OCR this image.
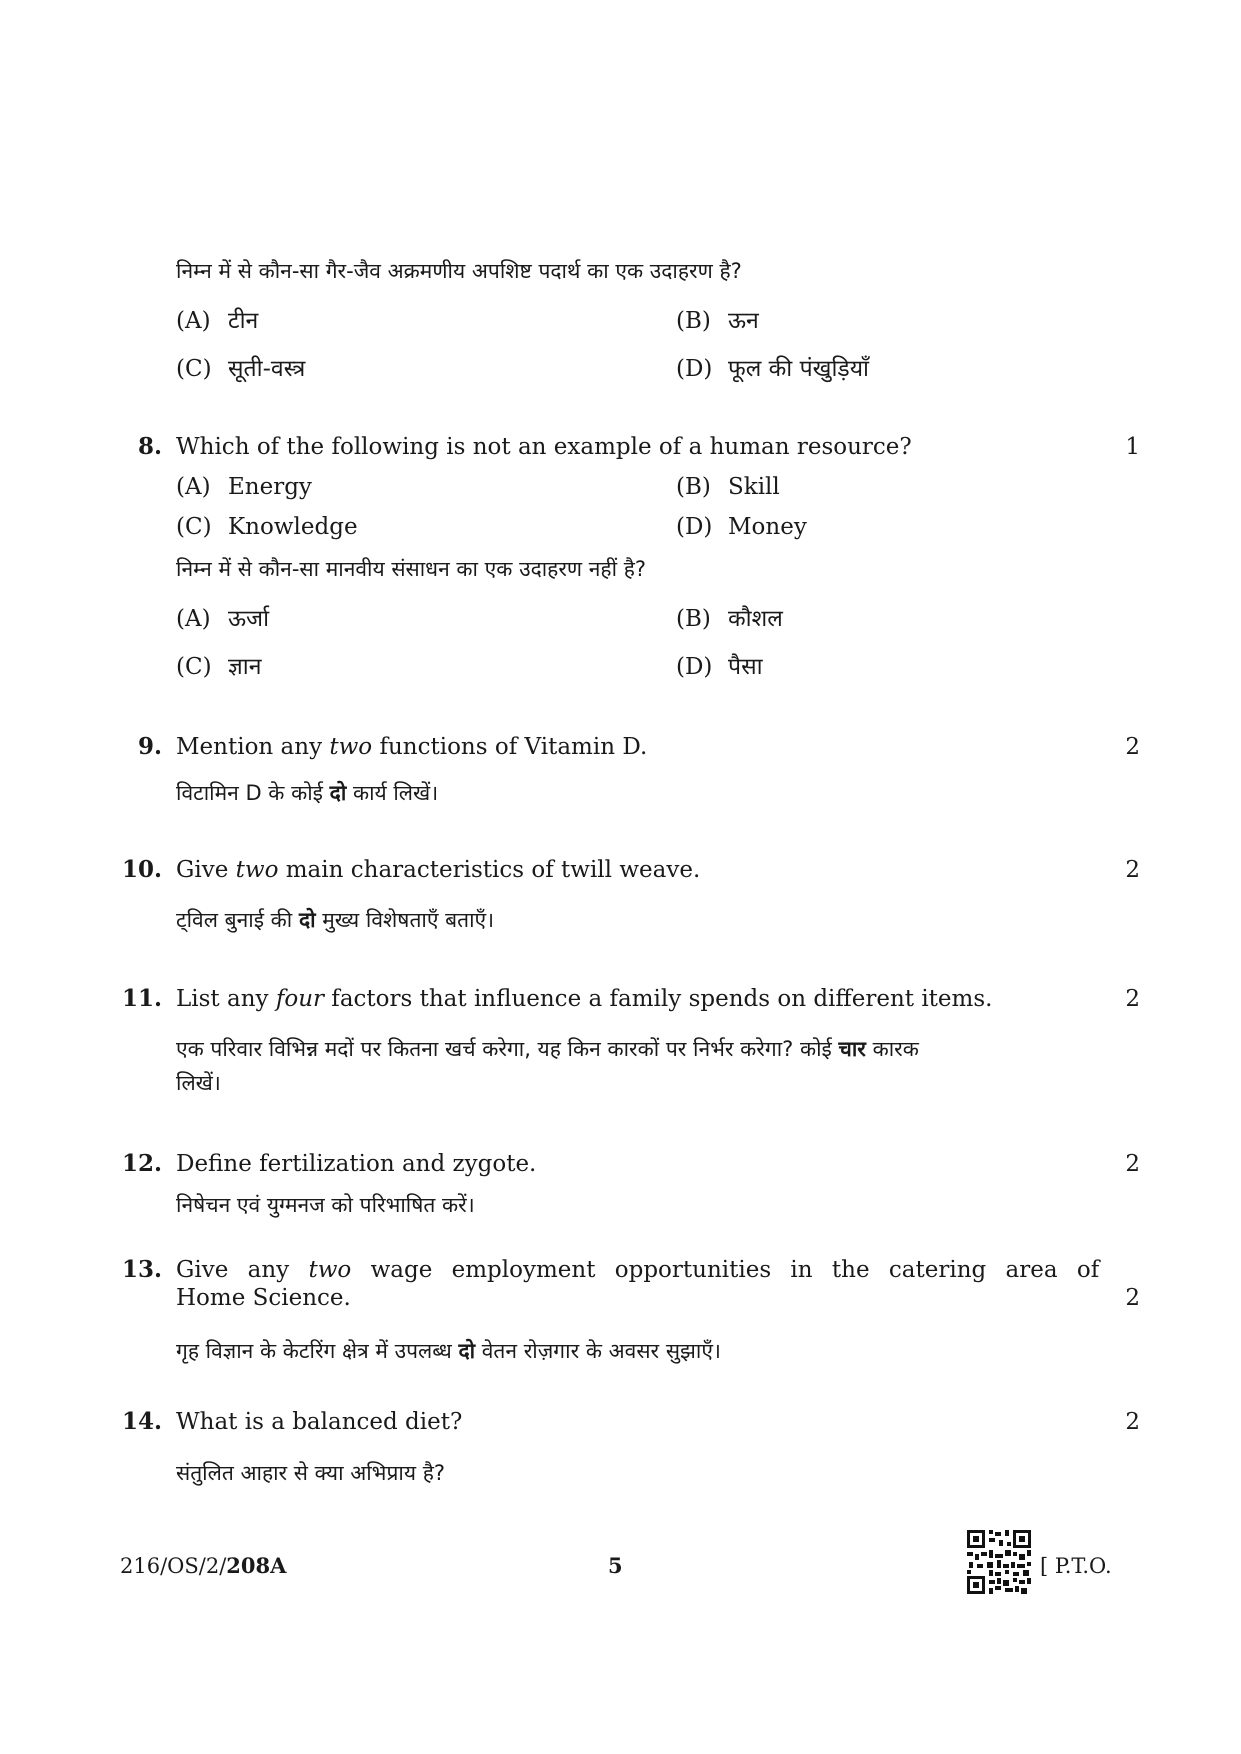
निम्न में से कौन-सा गैर-जैव अक्रमणीय अपशिष्ट पदार्थ का एक उदाहरण है?
(A) टीन	(B) ऊन
(C) सूती-वस्त्र	(D) फूल की पंखुड़ियाँ
8. Which of the following is not an example of a human resource?	1
(A) Energy	(B) Skill
(C) Knowledge	(D) Money
निम्न में से कौन-सा मानवीय संसाधन का एक उदाहरण नहीं है?
(A) ऊर्जा	(B) कौशल
(C) ज्ञान	(D) पैसा
9. Mention any two functions of Vitamin D.	2
विटामिन D के कोई दो कार्य लिखें।
10. Give two main characteristics of twill weave.	2
ट्विल बुनाई की दो मुख्य विशेषताएँ बताएँ।
11. List any four factors that influence a family spends on different items.	2
एक परिवार विभिन्न मदों पर कितना खर्च करेगा, यह किन कारकों पर निर्भर करेगा? कोई चार कारक
लिखें।
12. Define fertilization and zygote.	2
निषेचन एवं युग्मनज को परिभाषित करें।
13. Give any two wage employment opportunities in the catering area of
Home Science.	2
गृह विज्ञान के केटरिंग क्षेत्र में उपलब्ध दो वेतन रोज़गार के अवसर सुझाएँ।
14. What is a balanced diet?	2
संतुलित आहार से क्या अभिप्राय है?
216/OS/2/208A	5	[ P.T.O.
